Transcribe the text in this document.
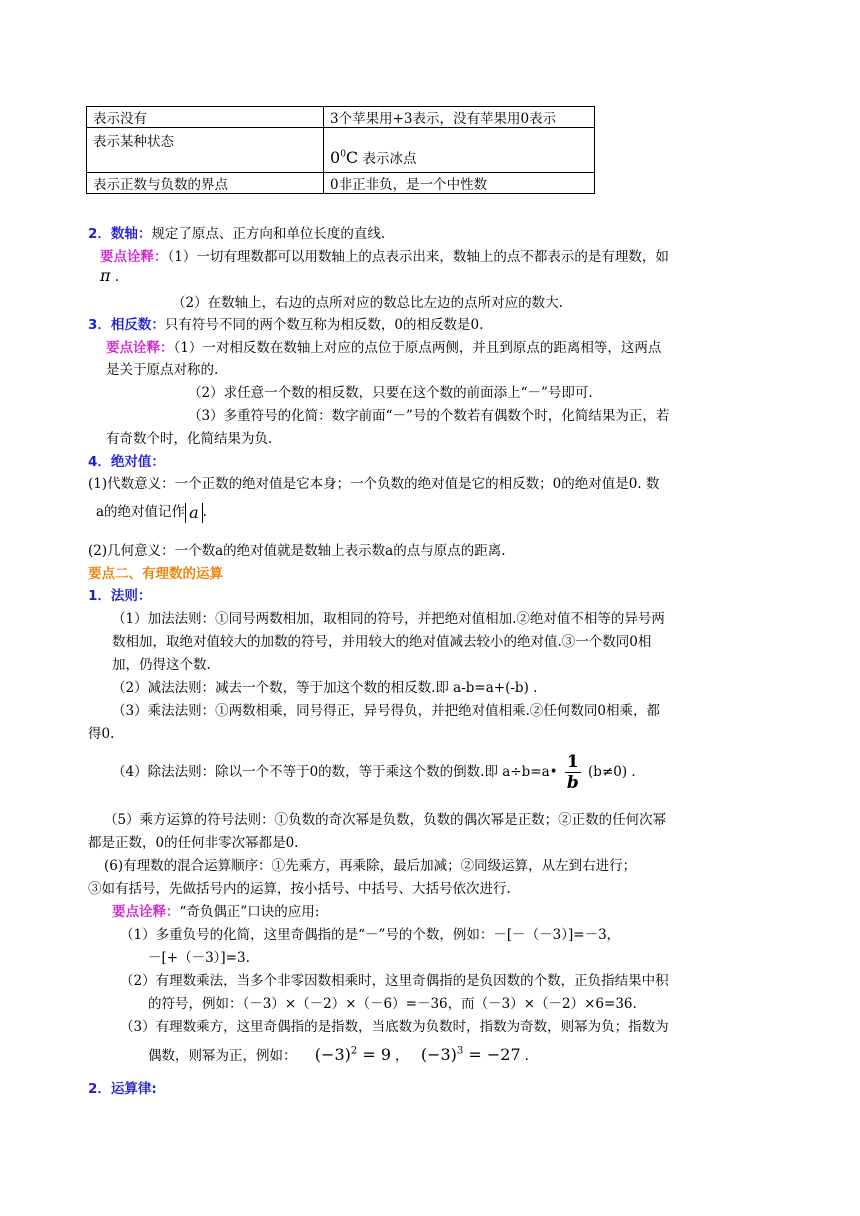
表示没有	3个苹果用+3表示，没有苹果用0表示
表示某种状态	$0^0C$ 表示冰点
表示正数与负数的界点	0非正非负，是一个中性数
2．数轴：规定了原点、正方向和单位长度的直线.
要点诠释：（1）一切有理数都可以用数轴上的点表示出来，数轴上的点不都表示的是有理数，如
π .
（2）在数轴上，右边的点所对应的数总比左边的点所对应的数大.
3．相反数：只有符号不同的两个数互称为相反数，0的相反数是0.
要点诠释：（1）一对相反数在数轴上对应的点位于原点两侧，并且到原点的距离相等，这两点
是关于原点对称的.
（2）求任意一个数的相反数，只要在这个数的前面添上“－”号即可.
（3）多重符号的化简：数字前面“－”号的个数若有偶数个时，化简结果为正，若
有奇数个时，化简结果为负.
4．绝对值：
(1)代数意义：一个正数的绝对值是它本身；一个负数的绝对值是它的相反数；0的绝对值是0. 数
a的绝对值记作 a .
(2)几何意义：一个数a的绝对值就是数轴上表示数a的点与原点的距离.
要点二、有理数的运算
1．法则：
（1）加法法则：①同号两数相加，取相同的符号，并把绝对值相加.②绝对值不相等的异号两
数相加，取绝对值较大的加数的符号，并用较大的绝对值减去较小的绝对值.③一个数同0相
加，仍得这个数.
（2）减法法则：减去一个数，等于加这个数的相反数.即 a-b=a+(-b) .
（3）乘法法则：①两数相乘，同号得正，异号得负，并把绝对值相乘.②任何数同0相乘，都
得0.
（4）除法法则：除以一个不等于0的数，等于乘这个数的倒数.即 a÷b=a• $\frac{1}{b} (b\ne 0)$ .
（5）乘方运算的符号法则：①负数的奇次幂是负数，负数的偶次幂是正数；②正数的任何次幂
都是正数，0的任何非零次幂都是0.
(6)有理数的混合运算顺序：①先乘方，再乘除，最后加减；②同级运算，从左到右进行；
③如有括号，先做括号内的运算，按小括号、中括号、大括号依次进行.
要点诠释：“奇负偶正”口诀的应用:
（1）多重负号的化简，这里奇偶指的是“－”号的个数，例如：－[－（－3）]=－3，
－[+（－3）]=3.
（2）有理数乘法，当多个非零因数相乘时，这里奇偶指的是负因数的个数，正负指结果中积
的符号，例如：（－3）×（－2）×（－6）=－36，而（－3）×（－2）×6=36.
（3）有理数乘方，这里奇偶指的是指数，当底数为负数时，指数为奇数，则幂为负；指数为
偶数，则幂为正，例如： $(-3)^2 = 9$ ， $(-3)^3 = -27$ .
2．运算律:
